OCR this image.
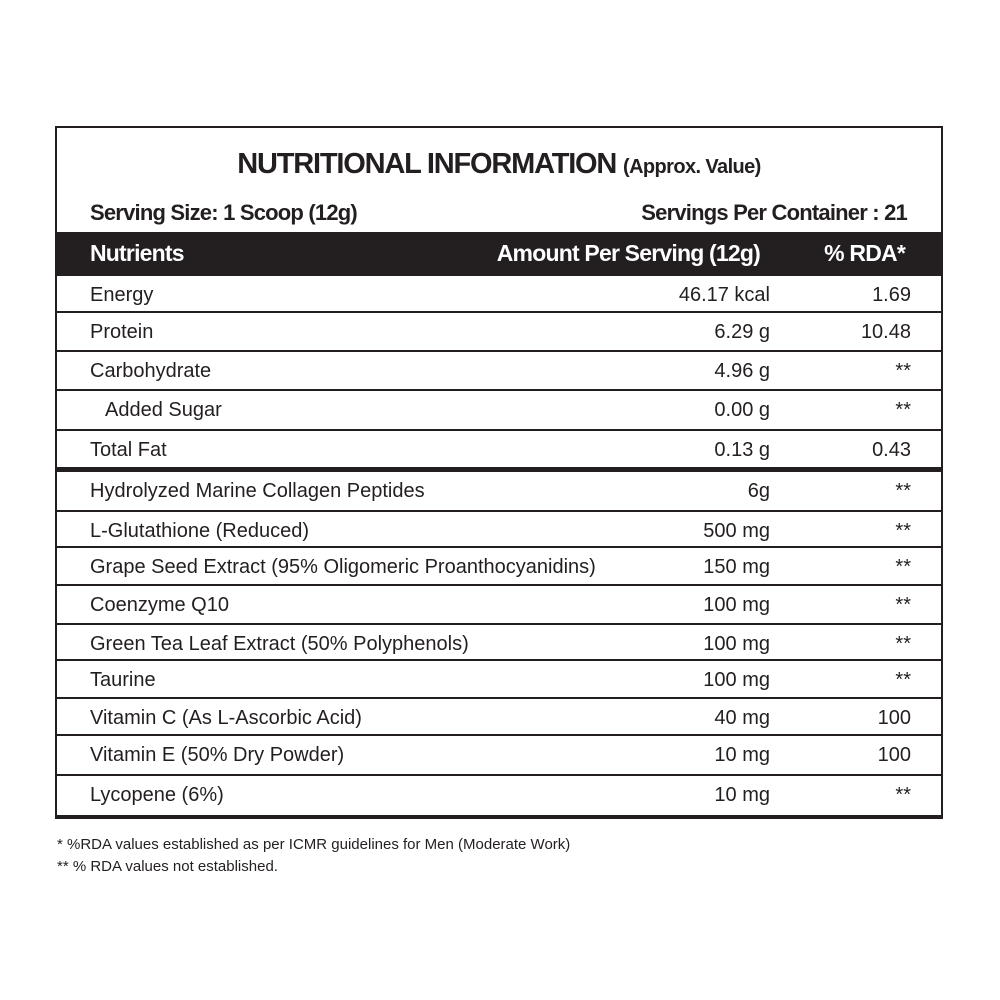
NUTRITIONAL INFORMATION (Approx. Value)
Serving Size: 1 Scoop (12g)	Servings Per Container : 21
Nutrients	Amount Per Serving (12g)	% RDA*
Energy	46.17 kcal	1.69
Protein	6.29 g	10.48
Carbohydrate	4.96 g	**
Added Sugar	0.00 g	**
Total Fat	0.13 g	0.43
Hydrolyzed Marine Collagen Peptides	6g	**
L-Glutathione (Reduced)	500 mg	**
Grape Seed Extract (95% Oligomeric Proanthocyanidins)	150 mg	**
Coenzyme Q10	100 mg	**
Green Tea Leaf Extract (50% Polyphenols)	100 mg	**
Taurine	100 mg	**
Vitamin C (As L-Ascorbic Acid)	40 mg	100
Vitamin E (50% Dry Powder)	10 mg	100
Lycopene (6%)	10 mg	**
* %RDA values established as per ICMR guidelines for Men (Moderate Work)
** % RDA values not established.
